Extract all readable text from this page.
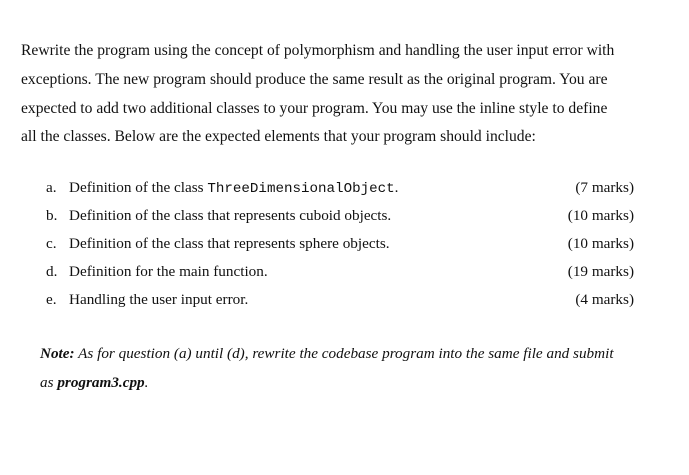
Rewrite the program using the concept of polymorphism and handling the user input error with
exceptions. The new program should produce the same result as the original program. You are
expected to add two additional classes to your program. You may use the inline style to define
all the classes. Below are the expected elements that your program should include:
a. Definition of the class ThreeDimensionalObject.	(7 marks)
b. Definition of the class that represents cuboid objects.	(10 marks)
c. Definition of the class that represents sphere objects.	(10 marks)
d. Definition for the main function.	(19 marks)
e. Handling the user input error.	(4 marks)
Note: As for question (a) until (d), rewrite the codebase program into the same file and submit
as program3.cpp.
